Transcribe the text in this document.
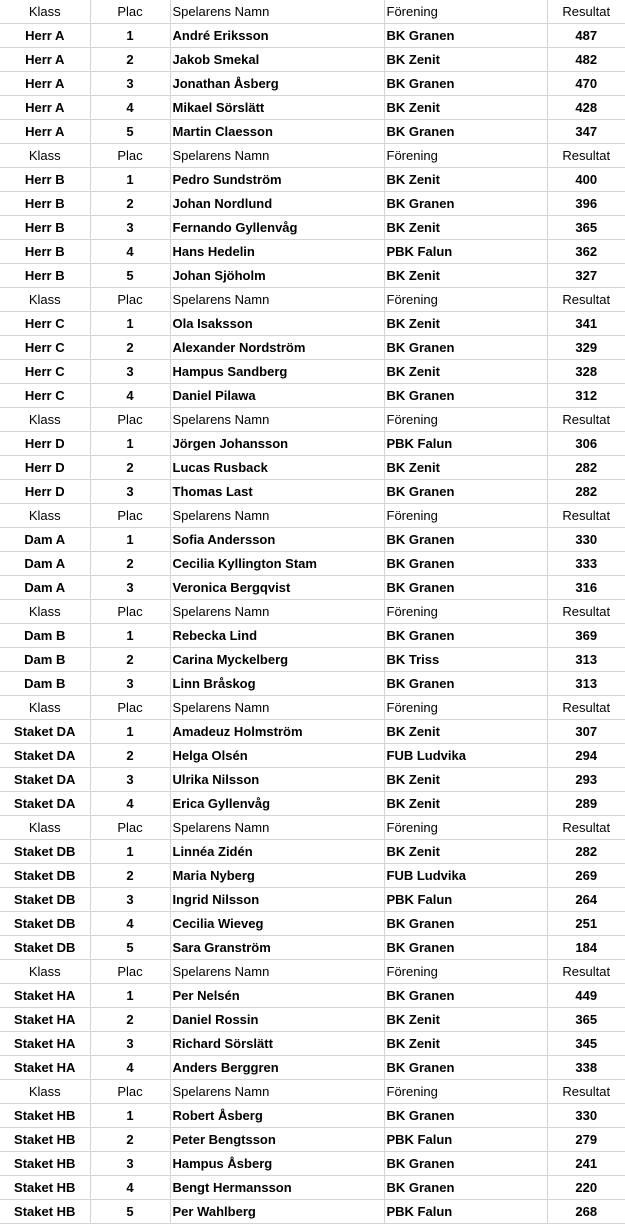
Klass	Plac	Spelarens Namn	Förening	Resultat
Herr A	1	André Eriksson	BK Granen	487
Herr A	2	Jakob Smekal	BK Zenit	482
Herr A	3	Jonathan Åsberg	BK Granen	470
Herr A	4	Mikael Sörslätt	BK Zenit	428
Herr A	5	Martin Claesson	BK Granen	347
Klass	Plac	Spelarens Namn	Förening	Resultat
Herr B	1	Pedro Sundström	BK Zenit	400
Herr B	2	Johan Nordlund	BK Granen	396
Herr B	3	Fernando Gyllenvåg	BK Zenit	365
Herr B	4	Hans Hedelin	PBK Falun	362
Herr B	5	Johan Sjöholm	BK Zenit	327
Klass	Plac	Spelarens Namn	Förening	Resultat
Herr C	1	Ola Isaksson	BK Zenit	341
Herr C	2	Alexander Nordström	BK Granen	329
Herr C	3	Hampus Sandberg	BK Zenit	328
Herr C	4	Daniel Pilawa	BK Granen	312
Klass	Plac	Spelarens Namn	Förening	Resultat
Herr D	1	Jörgen Johansson	PBK Falun	306
Herr D	2	Lucas Rusback	BK Zenit	282
Herr D	3	Thomas Last	BK Granen	282
Klass	Plac	Spelarens Namn	Förening	Resultat
Dam A	1	Sofia Andersson	BK Granen	330
Dam A	2	Cecilia Kyllington Stam	BK Granen	333
Dam A	3	Veronica Bergqvist	BK Granen	316
Klass	Plac	Spelarens Namn	Förening	Resultat
Dam B	1	Rebecka Lind	BK Granen	369
Dam B	2	Carina Myckelberg	BK Triss	313
Dam B	3	Linn Bråskog	BK Granen	313
Klass	Plac	Spelarens Namn	Förening	Resultat
Staket DA	1	Amadeuz Holmström	BK Zenit	307
Staket DA	2	Helga Olsén	FUB Ludvika	294
Staket DA	3	Ulrika Nilsson	BK Zenit	293
Staket DA	4	Erica Gyllenvåg	BK Zenit	289
Klass	Plac	Spelarens Namn	Förening	Resultat
Staket DB	1	Linnéa Zidén	BK Zenit	282
Staket DB	2	Maria Nyberg	FUB Ludvika	269
Staket DB	3	Ingrid Nilsson	PBK Falun	264
Staket DB	4	Cecilia Wieveg	BK Granen	251
Staket DB	5	Sara Granström	BK Granen	184
Klass	Plac	Spelarens Namn	Förening	Resultat
Staket HA	1	Per Nelsén	BK Granen	449
Staket HA	2	Daniel Rossin	BK Zenit	365
Staket HA	3	Richard Sörslätt	BK Zenit	345
Staket HA	4	Anders Berggren	BK Granen	338
Klass	Plac	Spelarens Namn	Förening	Resultat
Staket HB	1	Robert Åsberg	BK Granen	330
Staket HB	2	Peter Bengtsson	PBK Falun	279
Staket HB	3	Hampus Åsberg	BK Granen	241
Staket HB	4	Bengt Hermansson	BK Granen	220
Staket HB	5	Per Wahlberg	PBK Falun	268
